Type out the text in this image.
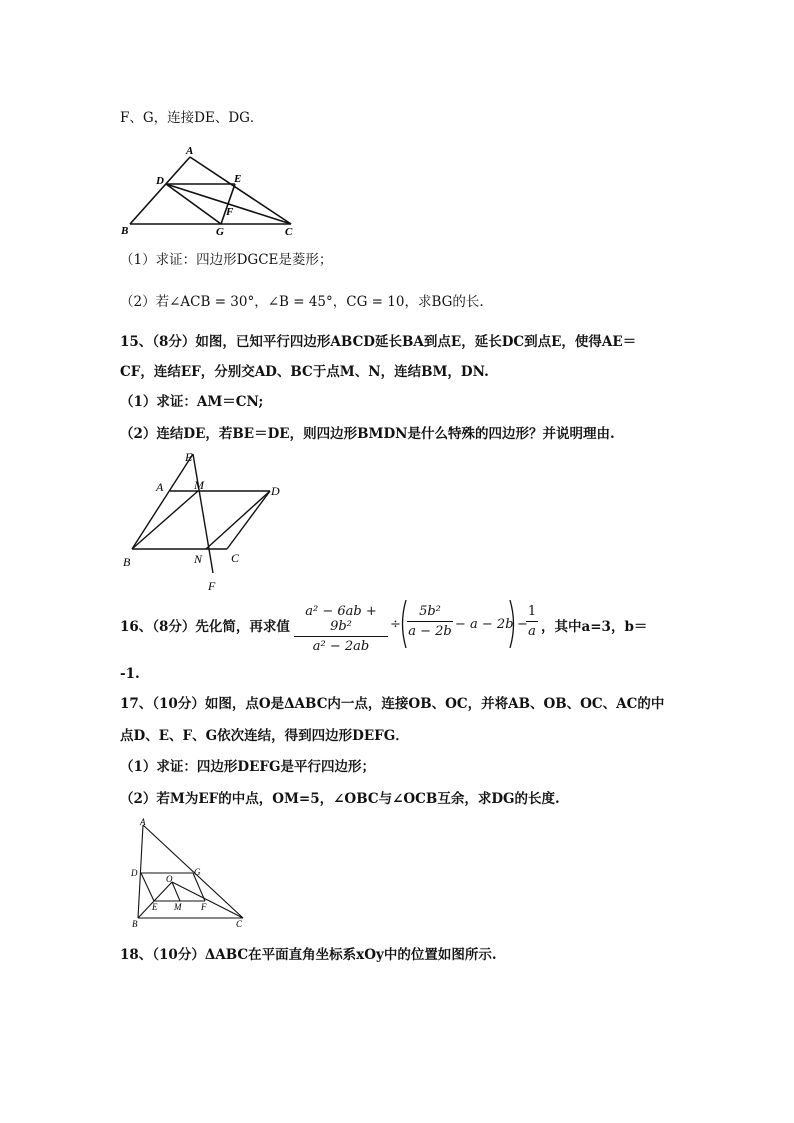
F、G，连接DE、DG．
A
D	E
F
B	G	C
（1）求证：四边形DGCE是菱形；
（2）若∠ACB = 30°，∠B = 45°，CG = 10，求BG的长.
15、（8分）如图，已知平行四边形ABCD延长BA到点E，延长DC到点E，使得AE＝
CF，连结EF，分别交AD、BC于点M、N，连结BM，DN.
（1）求证：AM＝CN;
（2）连结DE，若BE＝DE，则四边形BMDN是什么特殊的四边形？并说明理由.
E
A	M	D
B	N C
F
16、（8分）先化简，再求值
a² − 6ab + 9b²
a² − 2ab
÷
5b²
a − 2b − a − 2b −
1
a ，其中a=3，b＝
-1.
17、（10分）如图，点O是ΔABC内一点，连接OB、OC，并将AB、OB、OC、AC的中
点D、E、F、G依次连结，得到四边形DEFG．
（1）求证：四边形DEFG是平行四边形；
（2）若M为EF的中点，OM=5，∠OBC与∠OCB互余，求DG的长度.
A
D	G
O
E M F
B	C
18、（10分）ΔABC在平面直角坐标系xOy中的位置如图所示.
